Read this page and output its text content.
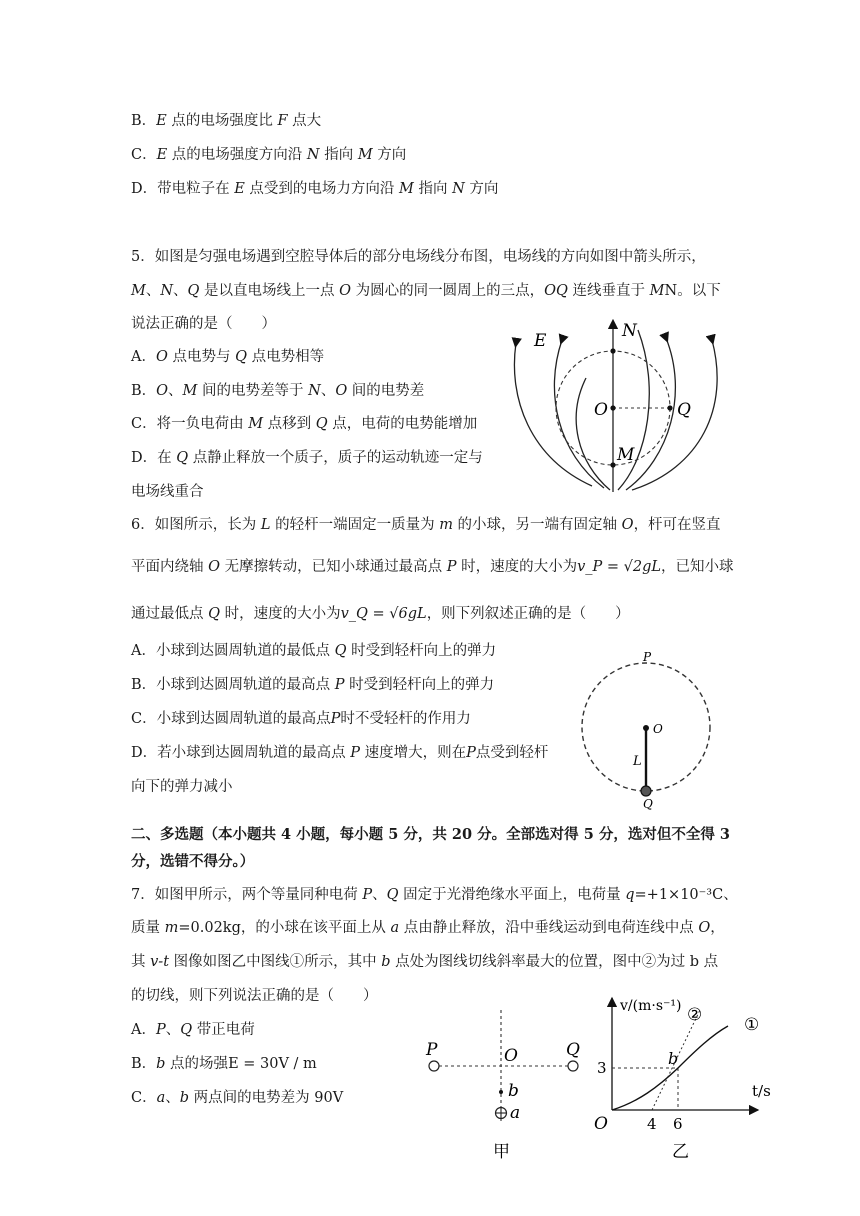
B．E 点的电场强度比 F 点大
C．E 点的电场强度方向沿 N 指向 M 方向
D．带电粒子在 E 点受到的电场力方向沿 M 指向 N 方向
5．如图是匀强电场遇到空腔导体后的部分电场线分布图，电场线的方向如图中箭头所示，
M、N、Q 是以直电场线上一点 O 为圆心的同一圆周上的三点，OQ 连线垂直于 MN。以下
说法正确的是（　　）
A．O 点电势与 Q 点电势相等
B．O、M 间的电势差等于 N、O 间的电势差
C．将一负电荷由 M 点移到 Q 点，电荷的电势能增加
D．在 Q 点静止释放一个质子，质子的运动轨迹一定与
电场线重合
E	N
O	Q
M
6．如图所示，长为 L 的轻杆一端固定一质量为 m 的小球，另一端有固定轴 O，杆可在竖直
平面内绕轴 O 无摩擦转动，已知小球通过最高点 P 时，速度的大小为v_P = √2gL，已知小球
通过最低点 Q 时，速度的大小为v_Q = √6gL，则下列叙述正确的是（　　）
A．小球到达圆周轨道的最低点 Q 时受到轻杆向上的弹力
B．小球到达圆周轨道的最高点 P 时受到轻杆向上的弹力
C．小球到达圆周轨道的最高点P时不受轻杆的作用力
D．若小球到达圆周轨道的最高点 P 速度增大，则在P点受到轻杆
向下的弹力减小
P
O
L
Q
二、多选题（本小题共 4 小题，每小题 5 分，共 20 分。全部选对得 5 分，选对但不全得 3
分，选错不得分。）
7．如图甲所示，两个等量同种电荷 P、Q 固定于光滑绝缘水平面上，电荷量 q=+1×10⁻³C、
质量 m=0.02kg，的小球在该平面上从 a 点由静止释放，沿中垂线运动到电荷连线中点 O，
其 v-t 图像如图乙中图线①所示，其中 b 点处为图线切线斜率最大的位置，图中②为过 b 点
的切线，则下列说法正确的是（　　）
A．P、Q 带正电荷
B．b 点的场强E = 30V / m
C．a、b 两点间的电势差为 90V
P	O	Q
b
a
甲
v/(m·s⁻¹)
t/s
O
3
4 6
b
①
②
乙
